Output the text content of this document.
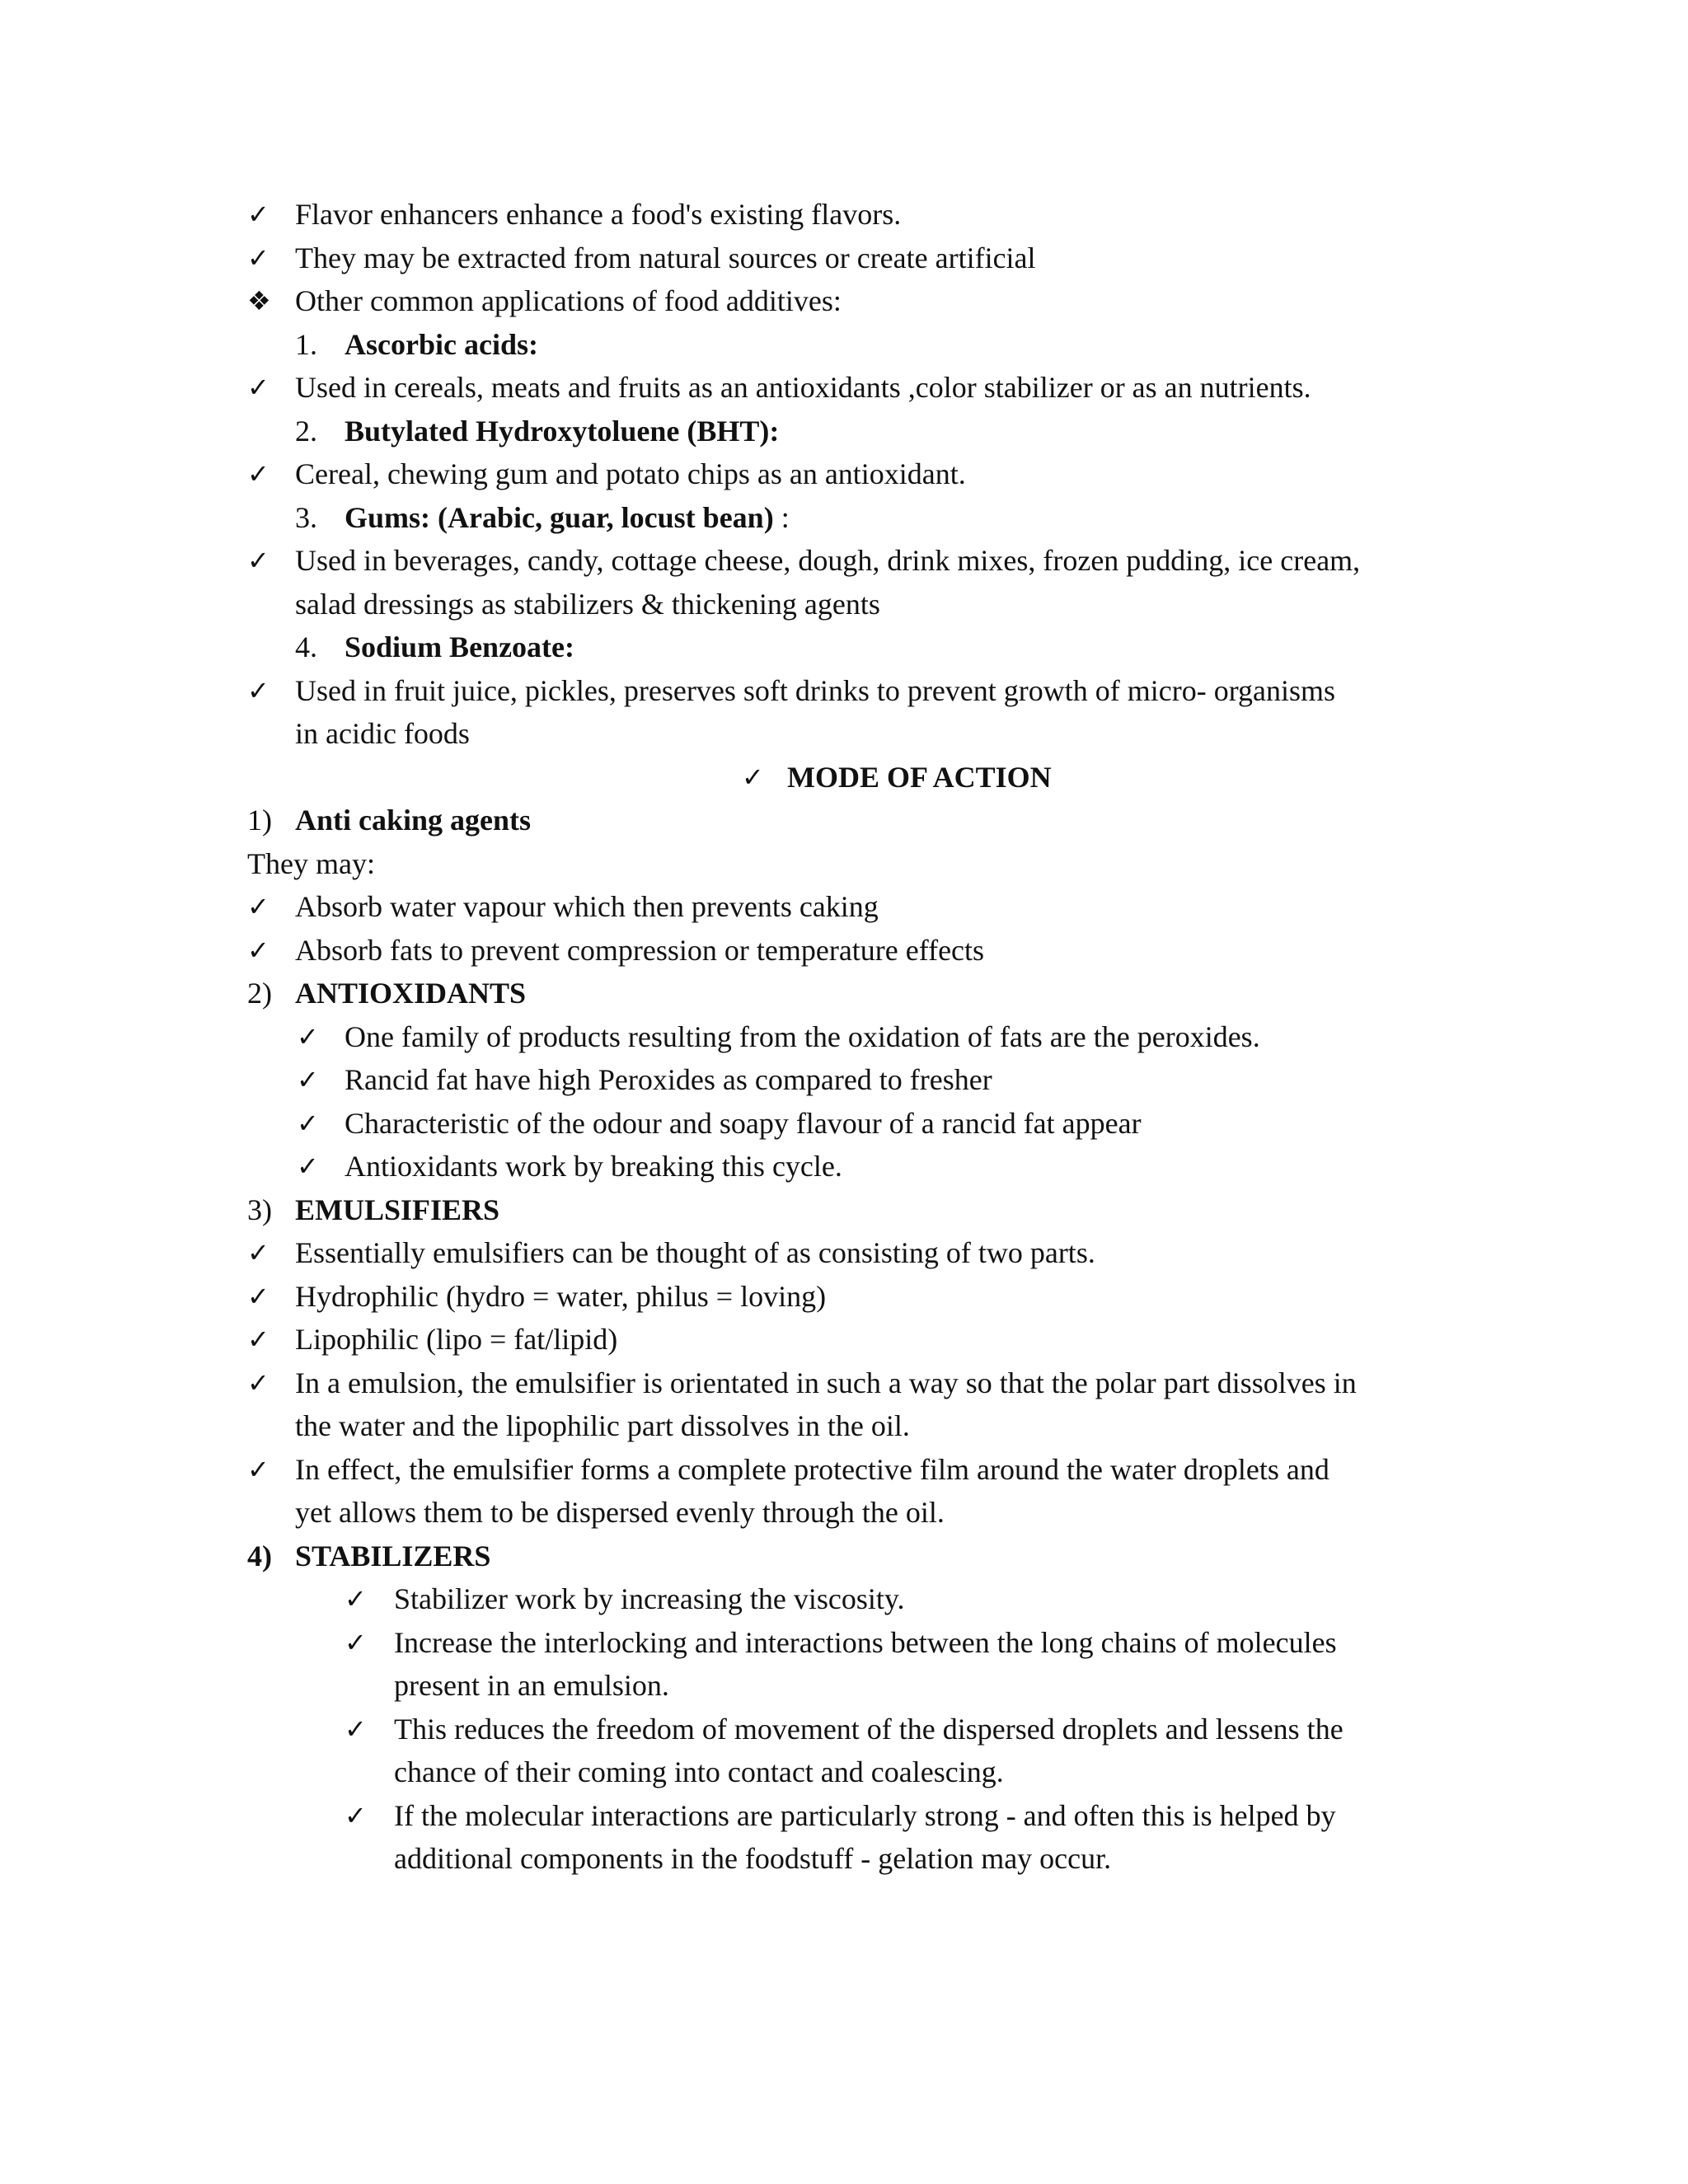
✓ Flavor enhancers enhance a food's existing flavors.
✓ They may be extracted from natural sources or create artificial
❖ Other common applications of food additives:
1. Ascorbic acids:
✓ Used in cereals, meats and fruits as an antioxidants ,color stabilizer or as an nutrients.
2. Butylated Hydroxytoluene (BHT):
✓ Cereal, chewing gum and potato chips as an antioxidant.
3. Gums: (Arabic, guar, locust bean) :
✓ Used in beverages, candy, cottage cheese, dough, drink mixes, frozen pudding, ice cream,
salad dressings as stabilizers & thickening agents
4. Sodium Benzoate:
✓ Used in fruit juice, pickles, preserves soft drinks to prevent growth of micro- organisms
in acidic foods
✓ MODE OF ACTION
1) Anti caking agents
They may:
✓ Absorb water vapour which then prevents caking
✓ Absorb fats to prevent compression or temperature effects
2) ANTIOXIDANTS
✓ One family of products resulting from the oxidation of fats are the peroxides.
✓ Rancid fat have high Peroxides as compared to fresher
✓ Characteristic of the odour and soapy flavour of a rancid fat appear
✓ Antioxidants work by breaking this cycle.
3) EMULSIFIERS
✓ Essentially emulsifiers can be thought of as consisting of two parts.
✓ Hydrophilic (hydro = water, philus = loving)
✓ Lipophilic (lipo = fat/lipid)
✓ In a emulsion, the emulsifier is orientated in such a way so that the polar part dissolves in
the water and the lipophilic part dissolves in the oil.
✓ In effect, the emulsifier forms a complete protective film around the water droplets and
yet allows them to be dispersed evenly through the oil.
4) STABILIZERS
✓ Stabilizer work by increasing the viscosity.
✓ Increase the interlocking and interactions between the long chains of molecules
present in an emulsion.
✓ This reduces the freedom of movement of the dispersed droplets and lessens the
chance of their coming into contact and coalescing.
✓ If the molecular interactions are particularly strong - and often this is helped by
additional components in the foodstuff - gelation may occur.
